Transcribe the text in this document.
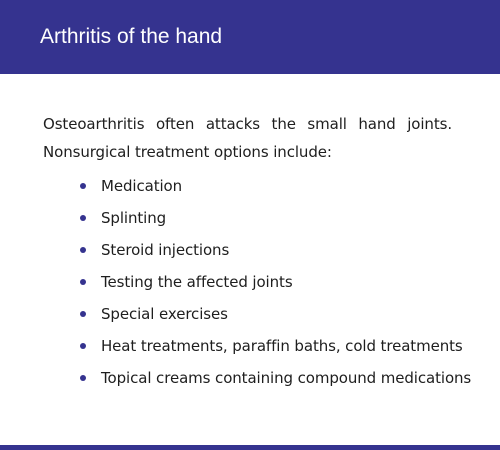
Arthritis of the hand

Osteoarthritis often attacks the small hand joints. Nonsurgical treatment options include:

Medication
Splinting
Steroid injections
Testing the affected joints
Special exercises
Heat treatments, paraffin baths, cold treatments
Topical creams containing compound medications
